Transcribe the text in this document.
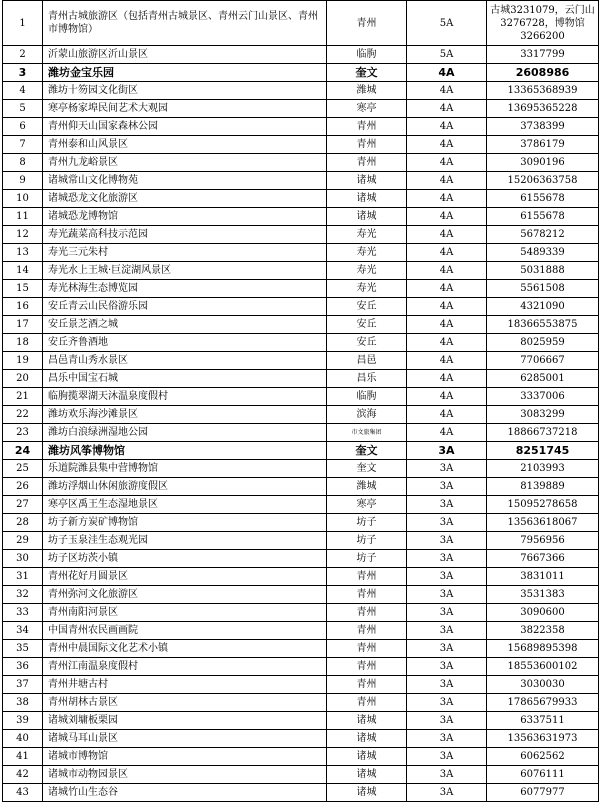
1	青州古城旅游区（包括青州古城景区、青州云门山景区、青州市博物馆）	青州	5A	古城3231079，云门山3276728，博物馆3266200
2	沂蒙山旅游区沂山景区	临朐	5A	3317799
3	潍坊金宝乐园	奎文	4A	2608986
4	潍坊十笏园文化街区	潍城	4A	13365368939
5	寒亭杨家埠民间艺术大观园	寒亭	4A	13695365228
6	青州仰天山国家森林公园	青州	4A	3738399
7	青州泰和山风景区	青州	4A	3786179
8	青州九龙峪景区	青州	4A	3090196
9	诸城常山文化博物苑	诸城	4A	15206363758
10	诸城恐龙文化旅游区	诸城	4A	6155678
11	诸城恐龙博物馆	诸城	4A	6155678
12	寿光蔬菜高科技示范园	寿光	4A	5678212
13	寿光三元朱村	寿光	4A	5489339
14	寿光水上王城·巨淀湖风景区	寿光	4A	5031888
15	寿光林海生态博览园	寿光	4A	5561508
16	安丘青云山民俗游乐园	安丘	4A	4321090
17	安丘景芝酒之城	安丘	4A	18366553875
18	安丘齐鲁酒地	安丘	4A	8025959
19	昌邑青山秀水景区	昌邑	4A	7706667
20	昌乐中国宝石城	昌乐	4A	6285001
21	临朐揽翠湖天沐温泉度假村	临朐	4A	3337006
22	潍坊欢乐海沙滩景区	滨海	4A	3083299
23	潍坊白浪绿洲湿地公园	市文旅集团	4A	18866737218
24	潍坊风筝博物馆	奎文	3A	8251745
25	乐道院潍县集中营博物馆	奎文	3A	2103993
26	潍坊浮烟山休闲旅游度假区	潍城	3A	8139889
27	寒亭区禹王生态湿地景区	寒亭	3A	15095278658
28	坊子新方炭矿博物馆	坊子	3A	13563618067
29	坊子玉泉洼生态观光园	坊子	3A	7956956
30	坊子区坊茨小镇	坊子	3A	7667366
31	青州花好月圆景区	青州	3A	3831011
32	青州弥河文化旅游区	青州	3A	3531383
33	青州南阳河景区	青州	3A	3090600
34	中国青州农民画画院	青州	3A	3822358
35	青州中晨国际文化艺术小镇	青州	3A	15689895398
36	青州江南温泉度假村	青州	3A	18553600102
37	青州井塘古村	青州	3A	3030030
38	青州胡林古景区	青州	3A	17865679933
39	诸城刘墉板栗园	诸城	3A	6337511
40	诸城马耳山景区	诸城	3A	13563631973
41	诸城市博物馆	诸城	3A	6062562
42	诸城市动物园景区	诸城	3A	6076111
43	诸城竹山生态谷	诸城	3A	6077977
